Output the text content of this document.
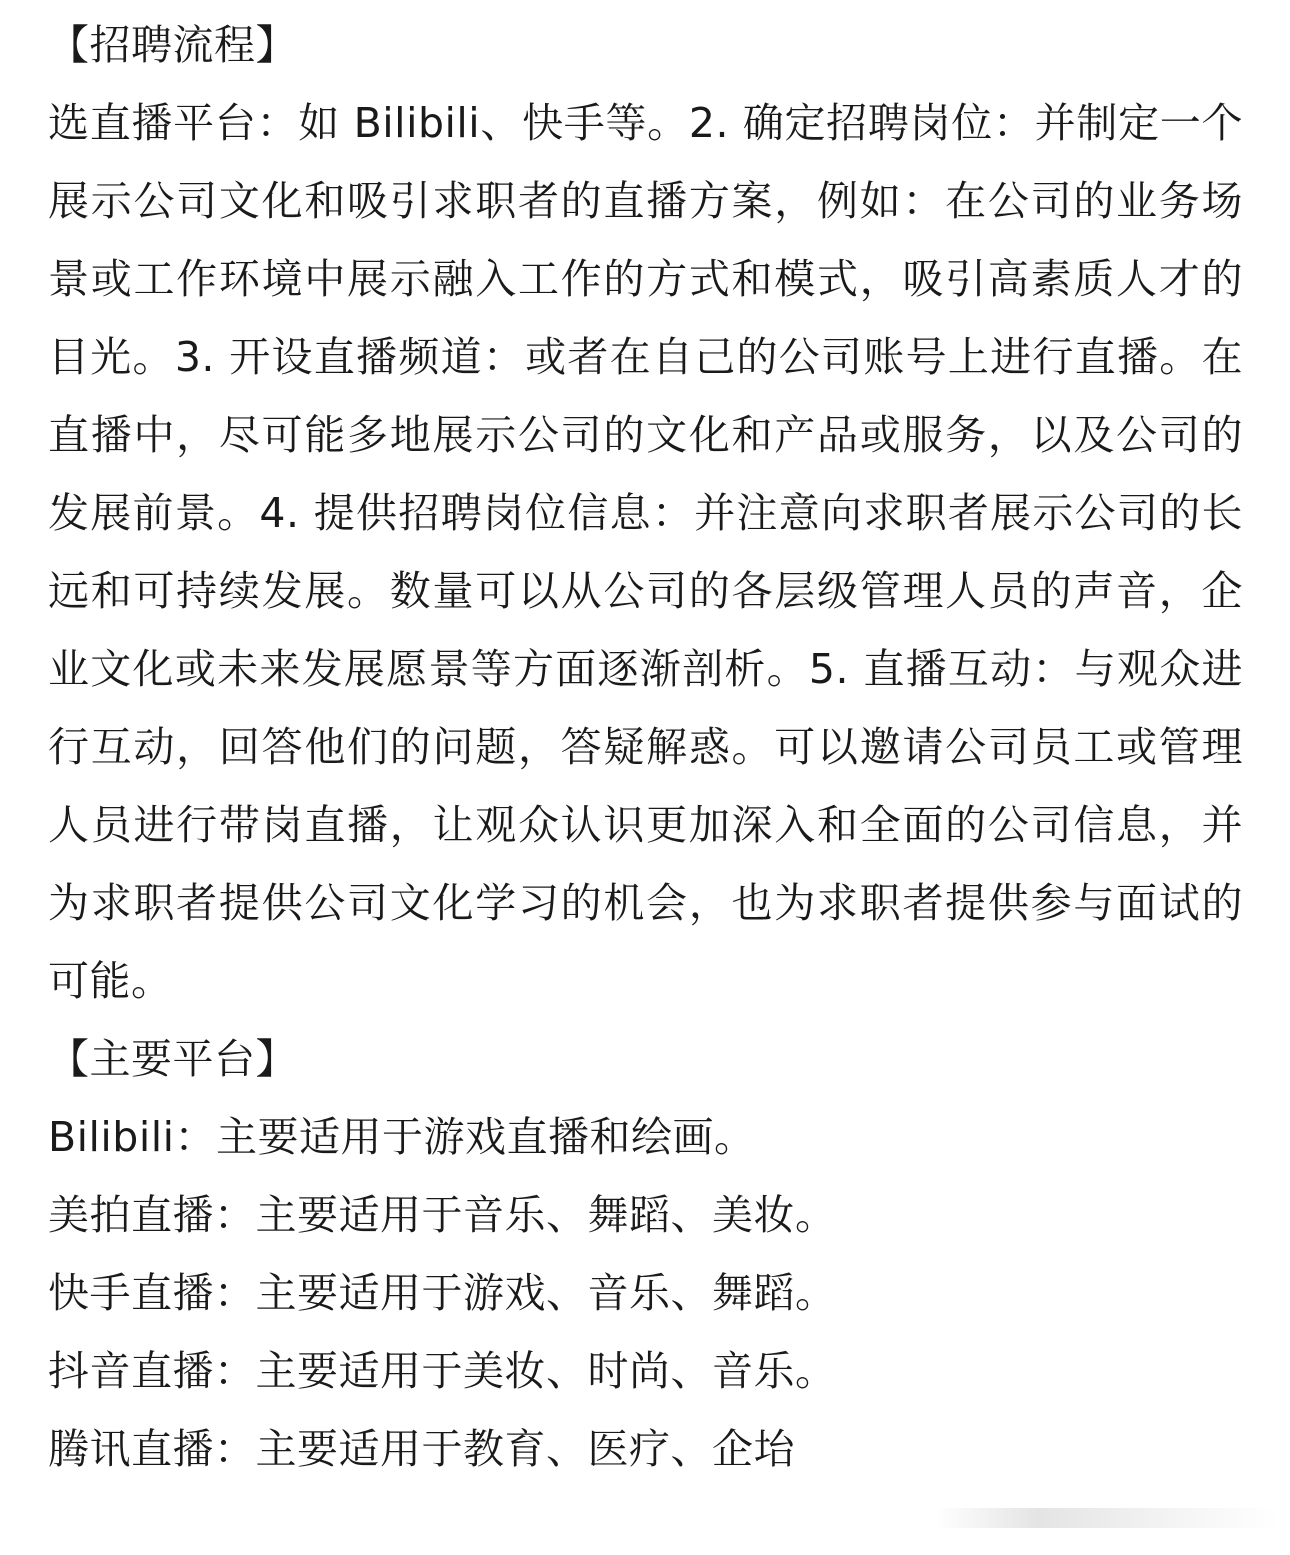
【招聘流程】

选直播平台：如 Bilibili、快手等。2. 确定招聘岗位：并制定一个展示公司文化和吸引求职者的直播方案，例如：在公司的业务场景或工作环境中展示融入工作的方式和模式，吸引高素质人才的目光。3. 开设直播频道：或者在自己的公司账号上进行直播。在直播中，尽可能多地展示公司的文化和产品或服务，以及公司的发展前景。4. 提供招聘岗位信息：并注意向求职者展示公司的长远和可持续发展。数量可以从公司的各层级管理人员的声音，企业文化或未来发展愿景等方面逐渐剖析。5. 直播互动：与观众进行互动，回答他们的问题，答疑解惑。可以邀请公司员工或管理人员进行带岗直播，让观众认识更加深入和全面的公司信息，并为求职者提供公司文化学习的机会，也为求职者提供参与面试的可能。

【主要平台】

Bilibili：主要适用于游戏直播和绘画。

美拍直播：主要适用于音乐、舞蹈、美妆。

快手直播：主要适用于游戏、音乐、舞蹈。

抖音直播：主要适用于美妆、时尚、音乐。

腾讯直播：主要适用于教育、医疗、企坮
